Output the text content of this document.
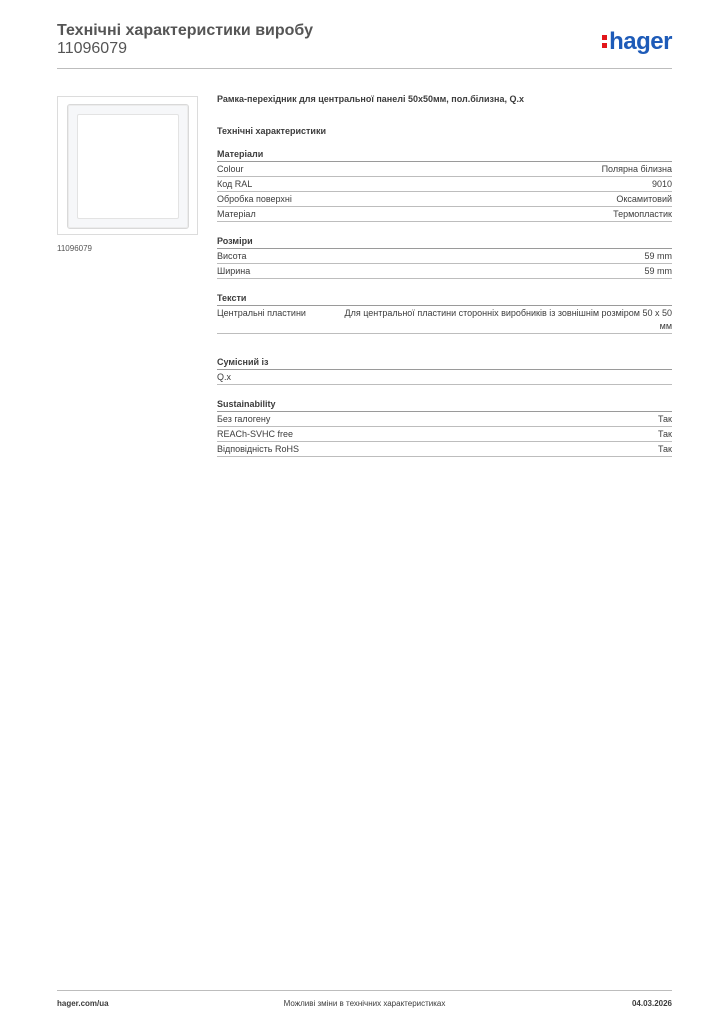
Технічні характеристики виробу
11096079	hager
11096079
Рамка-перехідник для центральної панелі 50х50мм, пол.білизна, Q.x
Технічні характеристики
Матеріали
Colour	Полярна білизна
Код RAL	9010
Обробка поверхні	Оксамитовий
Матеріал	Термопластик
Розміри
Висота	59 mm
Ширина	59 mm
Тексти
Центральні пластини	Для центральної пластини сторонніх виробників із зовнішнім розміром 50 x 50 мм
Сумісний із
Q.x
Sustainability
Без галогену	Так
REACh-SVHC free	Так
Відповідність RoHS	Так
hager.com/ua	Можливі зміни в технічних характеристиках	04.03.2026
